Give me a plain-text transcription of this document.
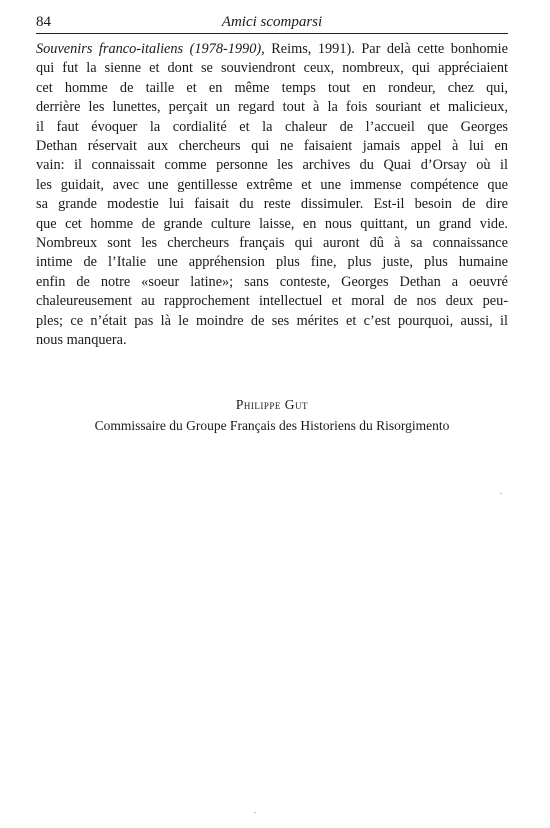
84	Amici scomparsi
Souvenirs franco-italiens (1978-1990), Reims, 1991). Par delà cette bonhomie
qui fut la sienne et dont se souviendront ceux, nombreux, qui appréciaient
cet homme de taille et en même temps tout en rondeur, chez qui,
derrière les lunettes, perçait un regard tout à la fois souriant et malicieux,
il faut évoquer la cordialité et la chaleur de l’accueil que Georges
Dethan réservait aux chercheurs qui ne faisaient jamais appel à lui en
vain: il connaissait comme personne les archives du Quai d’Orsay où il
les guidait, avec une gentillesse extrême et une immense compétence que
sa grande modestie lui faisait du reste dissimuler. Est-il besoin de dire
que cet homme de grande culture laisse, en nous quittant, un grand vide.
Nombreux sont les chercheurs français qui auront dû à sa connaissance
intime de l’Italie une appréhension plus fine, plus juste, plus humaine
enfin de notre «soeur latine»; sans conteste, Georges Dethan a oeuvré
chaleureusement au rapprochement intellectuel et moral de nos deux peu-
ples; ce n’était pas là le moindre de ses mérites et c’est pourquoi, aussi, il
nous manquera.
Philippe Gut
Commissaire du Groupe Français des Historiens du Risorgimento
